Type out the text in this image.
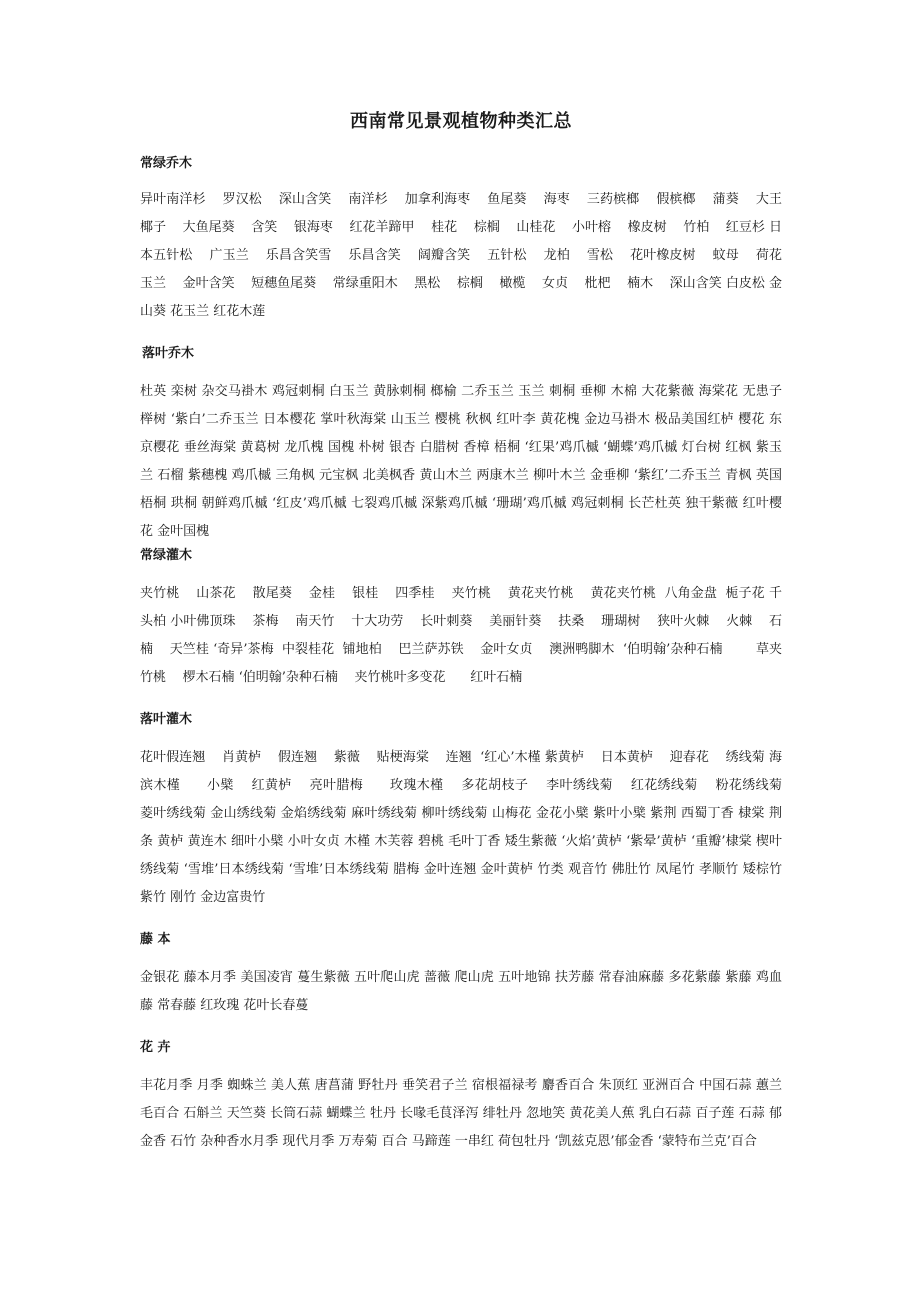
西南常见景观植物种类汇总
常绿乔木

异叶南洋杉    罗汉松    深山含笑    南洋杉    加拿利海枣    鱼尾葵    海枣    三药槟榔    假槟榔    蒲葵    大王椰子    大鱼尾葵    含笑    银海枣    红花羊蹄甲    桂花    棕榈    山桂花    小叶榕    橡皮树    竹柏    红豆杉 日本五针松    广玉兰    乐昌含笑雪    乐昌含笑    阔瓣含笑    五针松    龙柏    雪松    花叶橡皮树    蚊母    荷花玉兰    金叶含笑    短穗鱼尾葵    常绿重阳木    黑松    棕榈    橄榄    女贞    枇杷    楠木    深山含笑 白皮松 金山葵 花玉兰 红花木莲

落叶乔木

杜英 栾树 杂交马褂木 鸡冠刺桐 白玉兰 黄脉刺桐 榔榆 二乔玉兰 玉兰 刺桐 垂柳 木棉 大花紫薇 海棠花 无患子 榉树 ‘紫白’二乔玉兰 日本樱花 掌叶秋海棠 山玉兰 樱桃 秋枫 红叶李 黄花槐 金边马褂木 极品美国红栌 樱花 东京樱花 垂丝海棠 黄葛树 龙爪槐 国槐 朴树 银杏 白腊树 香樟 梧桐 ‘红果’鸡爪槭 ‘蝴蝶’鸡爪槭 灯台树 红枫 紫玉兰 石榴 紫穗槐 鸡爪槭 三角枫 元宝枫 北美枫香 黄山木兰 两康木兰 柳叶木兰 金垂柳 ‘紫红’二乔玉兰 青枫 英国梧桐 珙桐 朝鲜鸡爪槭 ‘红皮’鸡爪槭 七裂鸡爪槭 深紫鸡爪槭 ‘珊瑚’鸡爪槭 鸡冠刺桐 长芒杜英 独干紫薇 红叶樱花 金叶国槐

常绿灌木

夹竹桃    山茶花    散尾葵    金桂    银桂    四季桂    夹竹桃    黄花夹竹桃    黄花夹竹桃  八角金盘  栀子花 千头柏 小叶佛顶珠    茶梅    南天竹    十大功劳    长叶刺葵    美丽针葵    扶桑    珊瑚树    狭叶火棘    火棘    石楠    天竺桂 ‘奇异’茶梅  中裂桂花  铺地柏    巴兰萨苏铁    金叶女贞    澳洲鸭脚木  ‘伯明翰’杂种石楠        草夹竹桃    椤木石楠 ‘伯明翰’杂种石楠    夹竹桃叶多变花      红叶石楠

落叶灌木

花叶假连翘    肖黄栌    假连翘    紫薇    贴梗海棠    连翘  ‘红心’木槿 紫黄栌    日本黄栌    迎春花    绣线菊 海滨木槿      小檗    红黄栌    亮叶腊梅      玫瑰木槿    多花胡枝子    李叶绣线菊    红花绣线菊    粉花绣线菊    菱叶绣线菊 金山绣线菊 金焰绣线菊 麻叶绣线菊 柳叶绣线菊 山梅花 金花小檗 紫叶小檗 紫荆 西蜀丁香 棣棠 荆条 黄栌 黄连木 细叶小檗 小叶女贞 木槿 木芙蓉 碧桃 毛叶丁香 矮生紫薇 ‘火焰’黄栌 ‘紫晕’黄栌 ‘重瓣’棣棠 楔叶绣线菊 ‘雪堆’日本绣线菊 ‘雪堆’日本绣线菊 腊梅 金叶连翘 金叶黄栌 竹类 观音竹 佛肚竹 凤尾竹 孝顺竹 矮棕竹 紫竹 刚竹 金边富贵竹

藤 本

金银花 藤本月季 美国凌宵 蔓生紫薇 五叶爬山虎 蔷薇 爬山虎 五叶地锦 扶芳藤 常春油麻藤 多花紫藤 紫藤 鸡血藤 常春藤 红玫瑰 花叶长春蔓

花 卉

丰花月季 月季 蜘蛛兰 美人蕉 唐菖蒲 野牡丹 垂笑君子兰 宿根福禄考 麝香百合 朱顶红 亚洲百合 中国石蒜 蕙兰 毛百合 石斛兰 天竺葵 长筒石蒜 蝴蝶兰 牡丹 长喙毛茛泽泻 绯牡丹 忽地笑 黄花美人蕉 乳白石蒜 百子莲 石蒜 郁金香 石竹 杂种香水月季 现代月季 万寿菊 百合 马蹄莲 一串红 荷包牡丹 ‘凯兹克恩’郁金香 ‘蒙特布兰克’百合
